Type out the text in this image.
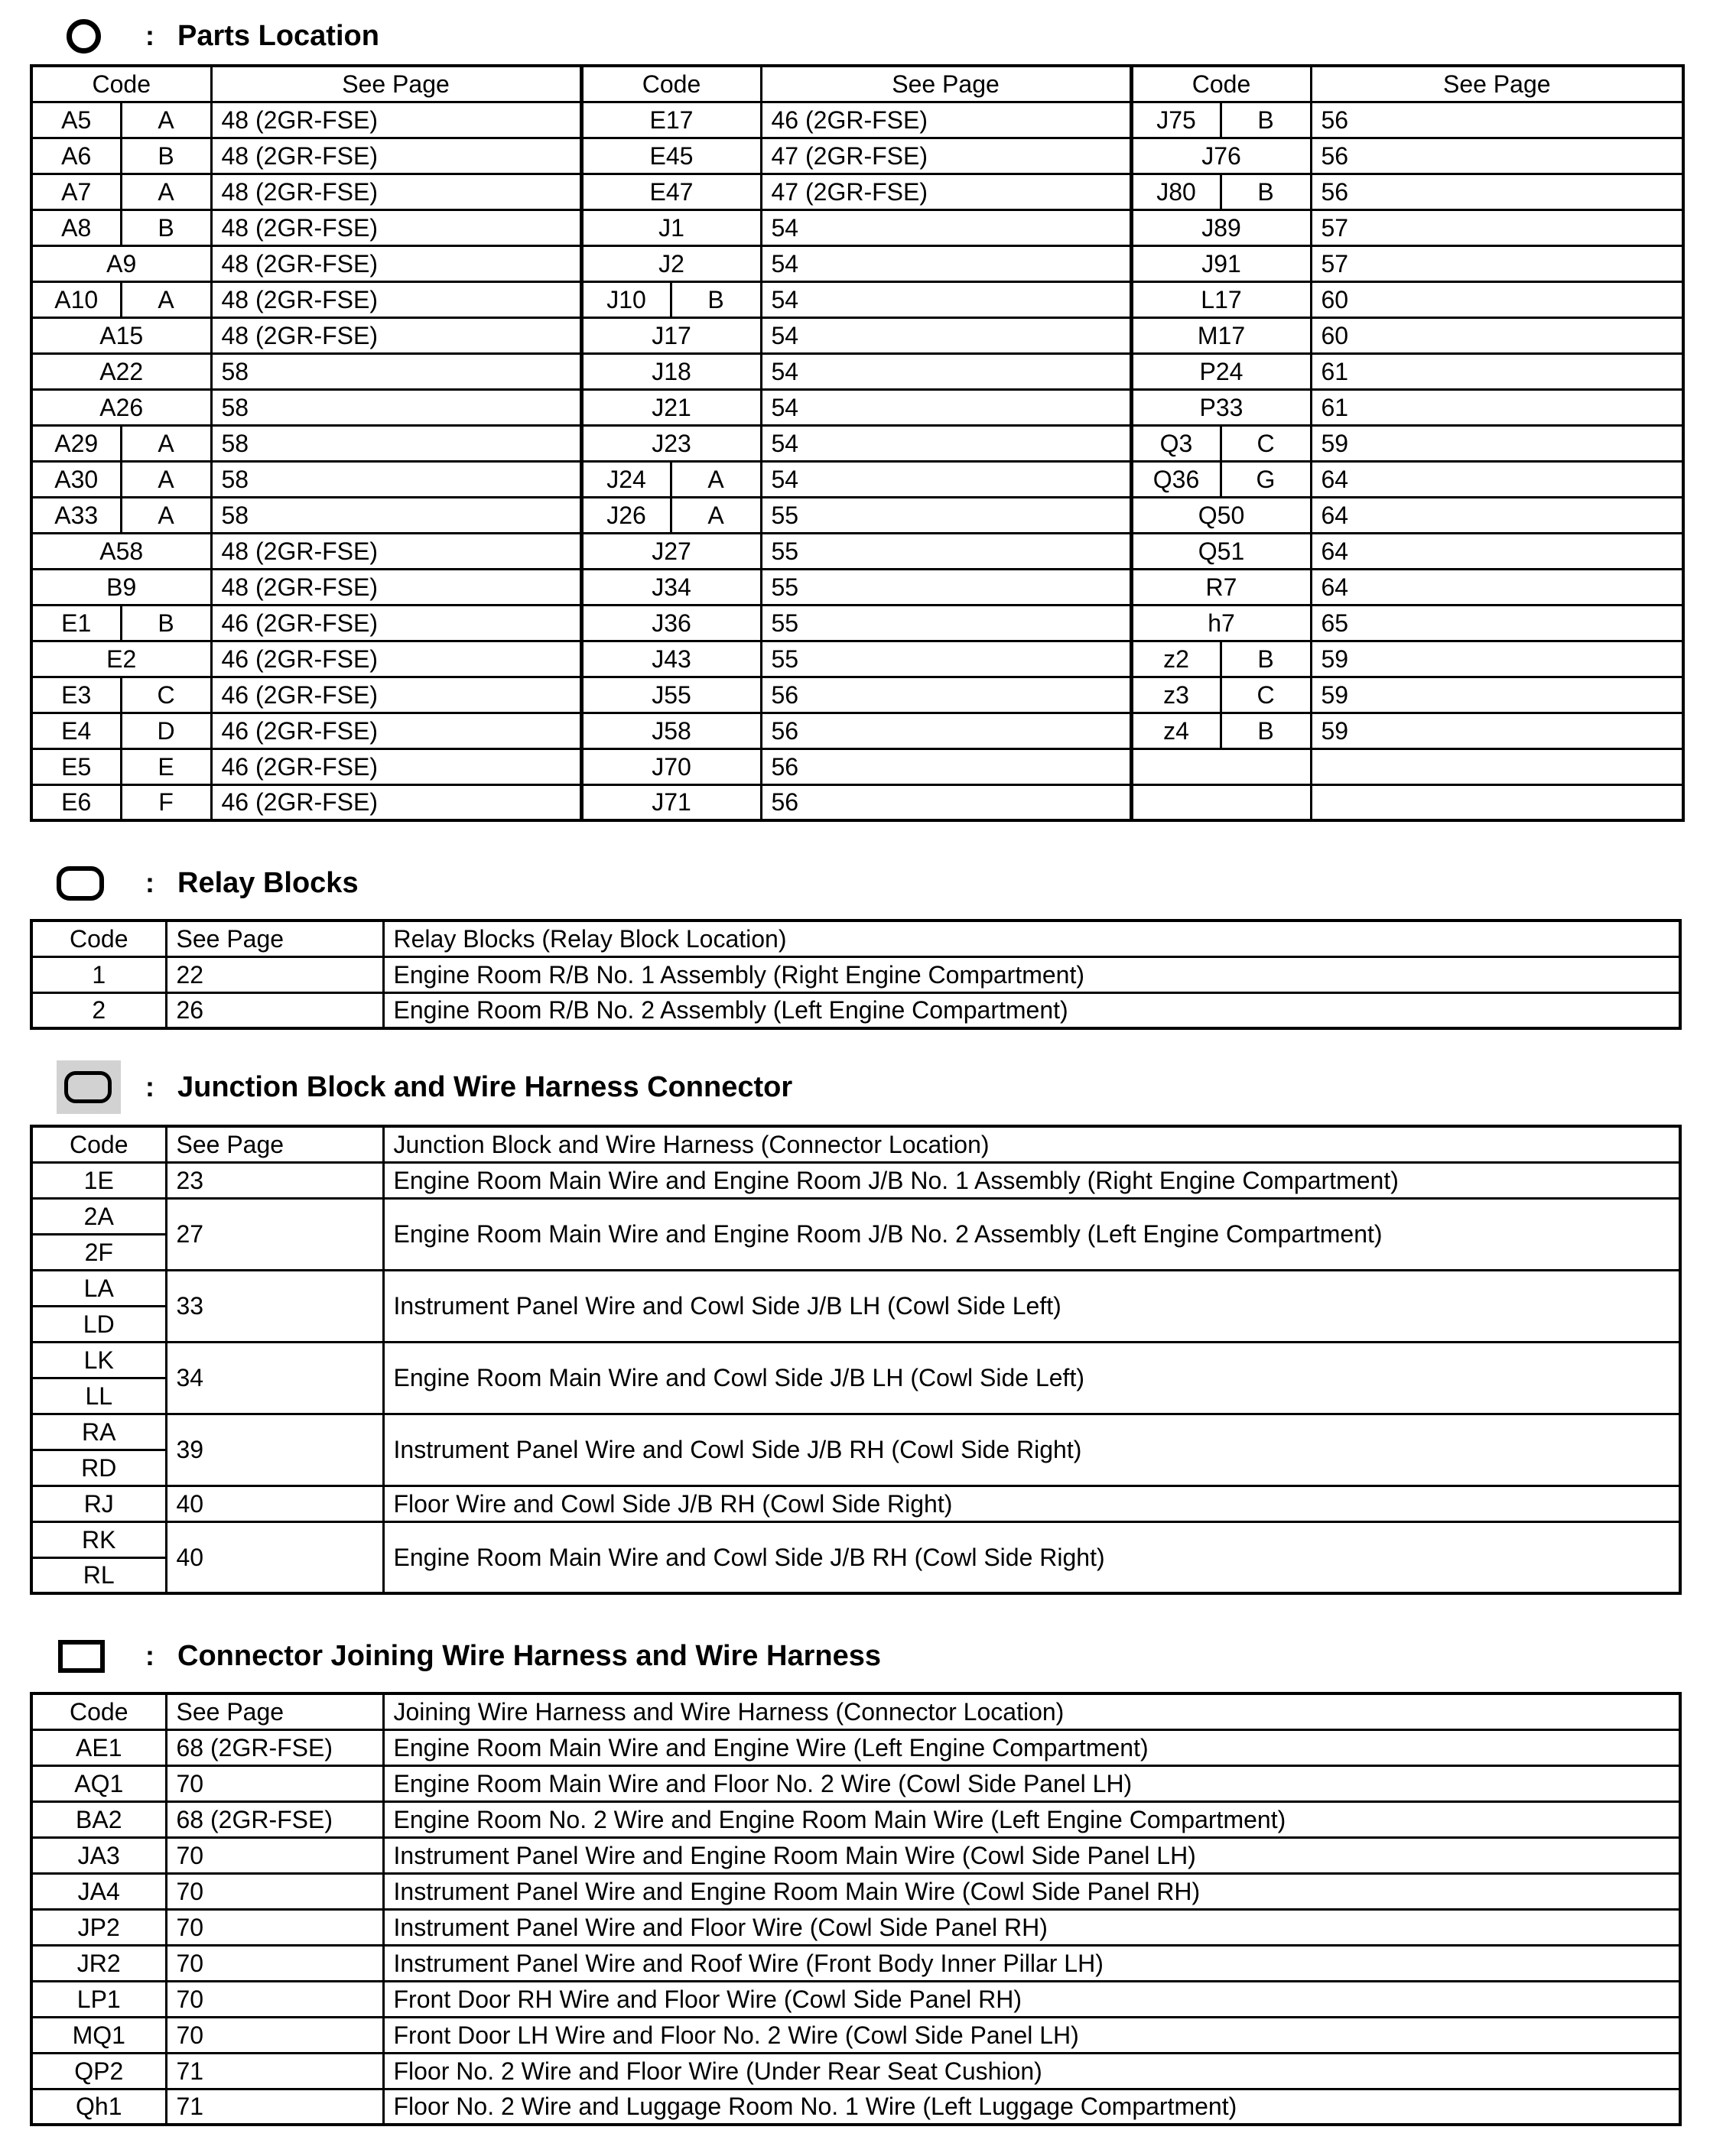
: Parts Location
Code		See Page	Code		See Page	Code		See Page
A5	A	48 (2GR-FSE)	E17		46 (2GR-FSE)	J75	B	56
A6	B	48 (2GR-FSE)	E45		47 (2GR-FSE)	J76		56
A7	A	48 (2GR-FSE)	E47		47 (2GR-FSE)	J80	B	56
A8	B	48 (2GR-FSE)	J1		54	J89		57
A9		48 (2GR-FSE)	J2		54	J91		57
A10	A	48 (2GR-FSE)	J10	B	54	L17		60
A15		48 (2GR-FSE)	J17		54	M17		60
A22		58	J18		54	P24		61
A26		58	J21		54	P33		61
A29	A	58	J23		54	Q3	C	59
A30	A	58	J24	A	54	Q36	G	64
A33	A	58	J26	A	55	Q50		64
A58		48 (2GR-FSE)	J27		55	Q51		64
B9		48 (2GR-FSE)	J34		55	R7		64
E1	B	46 (2GR-FSE)	J36		55	h7		65
E2		46 (2GR-FSE)	J43		55	z2	B	59
E3	C	46 (2GR-FSE)	J55		56	z3	C	59
E4	D	46 (2GR-FSE)	J58		56	z4	B	59
E5	E	46 (2GR-FSE)	J70		56			
E6	F	46 (2GR-FSE)	J71		56			
: Relay Blocks
Code	See Page	Relay Blocks (Relay Block Location)
1	22	Engine Room R/B No. 1 Assembly (Right Engine Compartment)
2	26	Engine Room R/B No. 2 Assembly (Left Engine Compartment)
: Junction Block and Wire Harness Connector
Code	See Page	Junction Block and Wire Harness (Connector Location)
1E	23	Engine Room Main Wire and Engine Room J/B No. 1 Assembly (Right Engine Compartment)
2A	27	Engine Room Main Wire and Engine Room J/B No. 2 Assembly (Left Engine Compartment)
2F		
LA	33	Instrument Panel Wire and Cowl Side J/B LH (Cowl Side Left)
LD		
LK	34	Engine Room Main Wire and Cowl Side J/B LH (Cowl Side Left)
LL		
RA	39	Instrument Panel Wire and Cowl Side J/B RH (Cowl Side Right)
RD		
RJ	40	Floor Wire and Cowl Side J/B RH (Cowl Side Right)
RK	40	Engine Room Main Wire and Cowl Side J/B RH (Cowl Side Right)
RL		
: Connector Joining Wire Harness and Wire Harness
Code	See Page	Joining Wire Harness and Wire Harness (Connector Location)
AE1	68 (2GR-FSE)	Engine Room Main Wire and Engine Wire (Left Engine Compartment)
AQ1	70	Engine Room Main Wire and Floor No. 2 Wire (Cowl Side Panel LH)
BA2	68 (2GR-FSE)	Engine Room No. 2 Wire and Engine Room Main Wire (Left Engine Compartment)
JA3	70	Instrument Panel Wire and Engine Room Main Wire (Cowl Side Panel LH)
JA4	70	Instrument Panel Wire and Engine Room Main Wire (Cowl Side Panel RH)
JP2	70	Instrument Panel Wire and Floor Wire (Cowl Side Panel RH)
JR2	70	Instrument Panel Wire and Roof Wire (Front Body Inner Pillar LH)
LP1	70	Front Door RH Wire and Floor Wire (Cowl Side Panel RH)
MQ1	70	Front Door LH Wire and Floor No. 2 Wire (Cowl Side Panel LH)
QP2	71	Floor No. 2 Wire and Floor Wire (Under Rear Seat Cushion)
Qh1	71	Floor No. 2 Wire and Luggage Room No. 1 Wire (Left Luggage Compartment)
